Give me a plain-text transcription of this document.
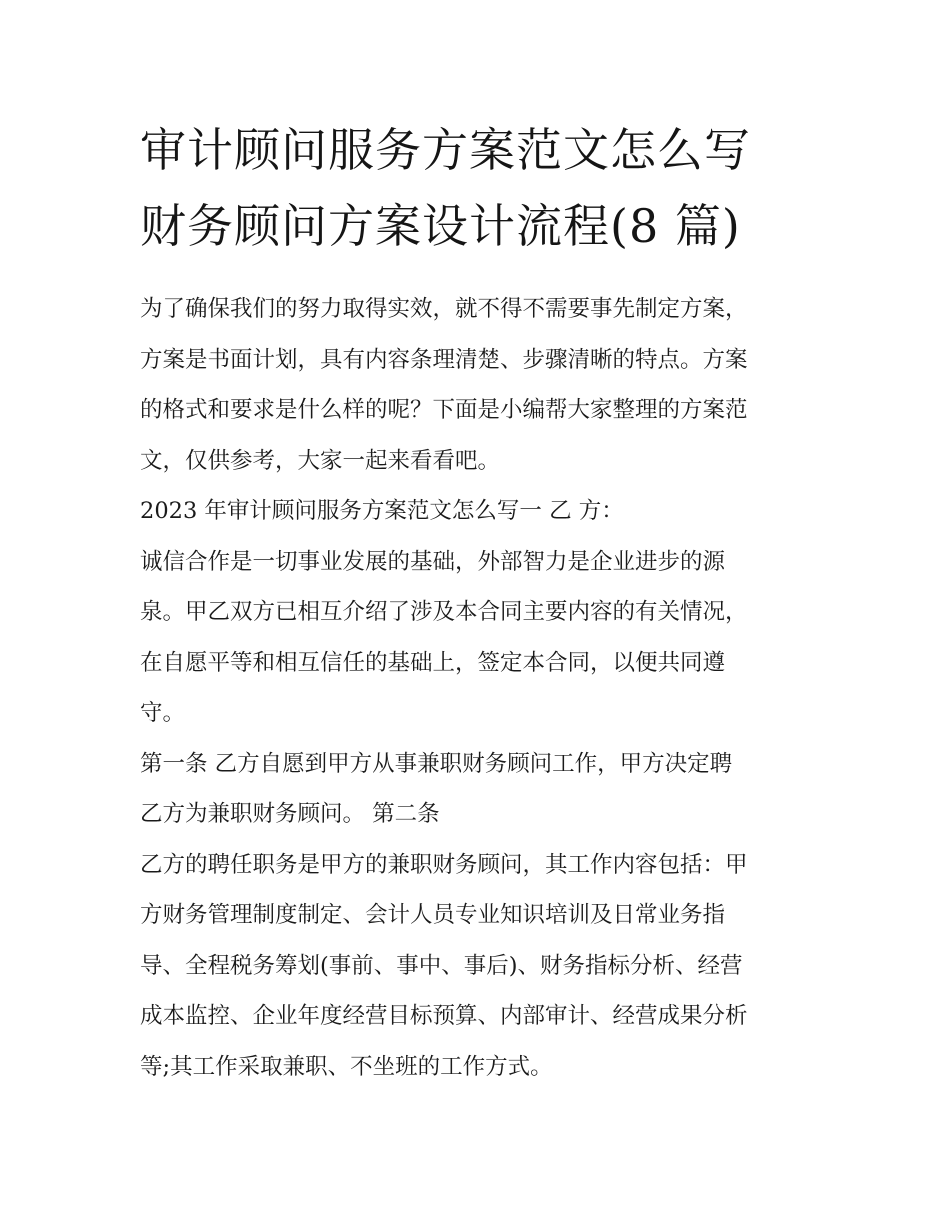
审计顾问服务方案范文怎么写
财务顾问方案设计流程(8 篇)

为了确保我们的努力取得实效，就不得不需要事先制定方案，
方案是书面计划，具有内容条理清楚、步骤清晰的特点。方案
的格式和要求是什么样的呢？下面是小编帮大家整理的方案范
文，仅供参考，大家一起来看看吧。

2023 年审计顾问服务方案范文怎么写一 乙 方：

诚信合作是一切事业发展的基础，外部智力是企业进步的源
泉。甲乙双方已相互介绍了涉及本合同主要内容的有关情况，
在自愿平等和相互信任的基础上，签定本合同，以便共同遵
守。

第一条 乙方自愿到甲方从事兼职财务顾问工作，甲方决定聘
乙方为兼职财务顾问。 第二条

乙方的聘任职务是甲方的兼职财务顾问，其工作内容包括：甲
方财务管理制度制定、会计人员专业知识培训及日常业务指
导、全程税务筹划(事前、事中、事后)、财务指标分析、经营
成本监控、企业年度经营目标预算、内部审计、经营成果分析
等;其工作采取兼职、不坐班的工作方式。
